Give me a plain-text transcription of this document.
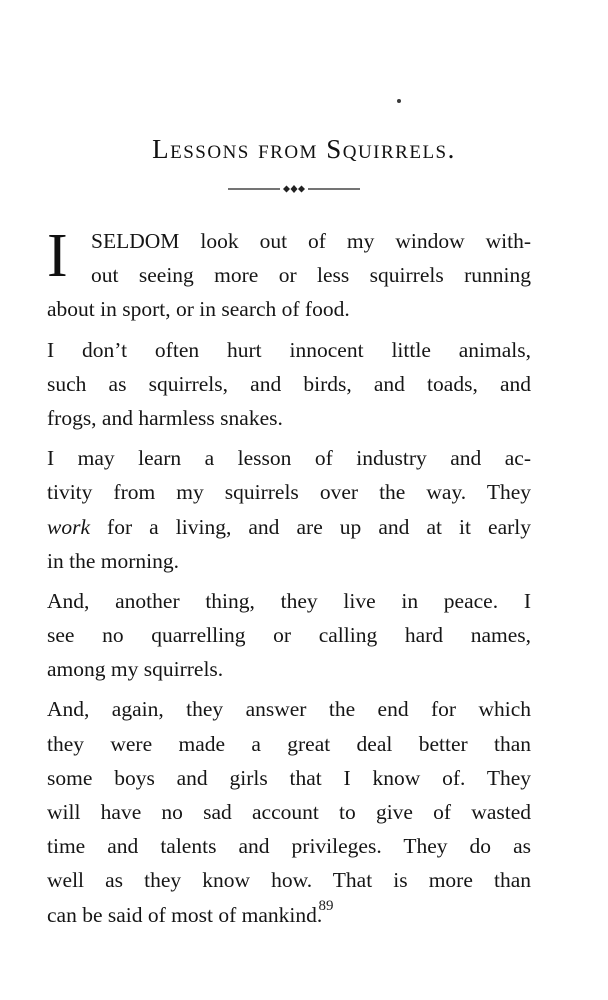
Lessons from Squirrels.
I SELDOM look out of my window with-
out seeing more or less squirrels running
about in sport, or in search of food.
I don’t often hurt innocent little animals,
such as squirrels, and birds, and toads, and
frogs, and harmless snakes.
I may learn a lesson of industry and ac-
tivity from my squirrels over the way. They
work for a living, and are up and at it early
in the morning.
And, another thing, they live in peace. I
see no quarrelling or calling hard names,
among my squirrels.
And, again, they answer the end for which
they were made a great deal better than
some boys and girls that I know of. They
will have no sad account to give of wasted
time and talents and privileges. They do as
well as they know how. That is more than
can be said of most of mankind.
89
